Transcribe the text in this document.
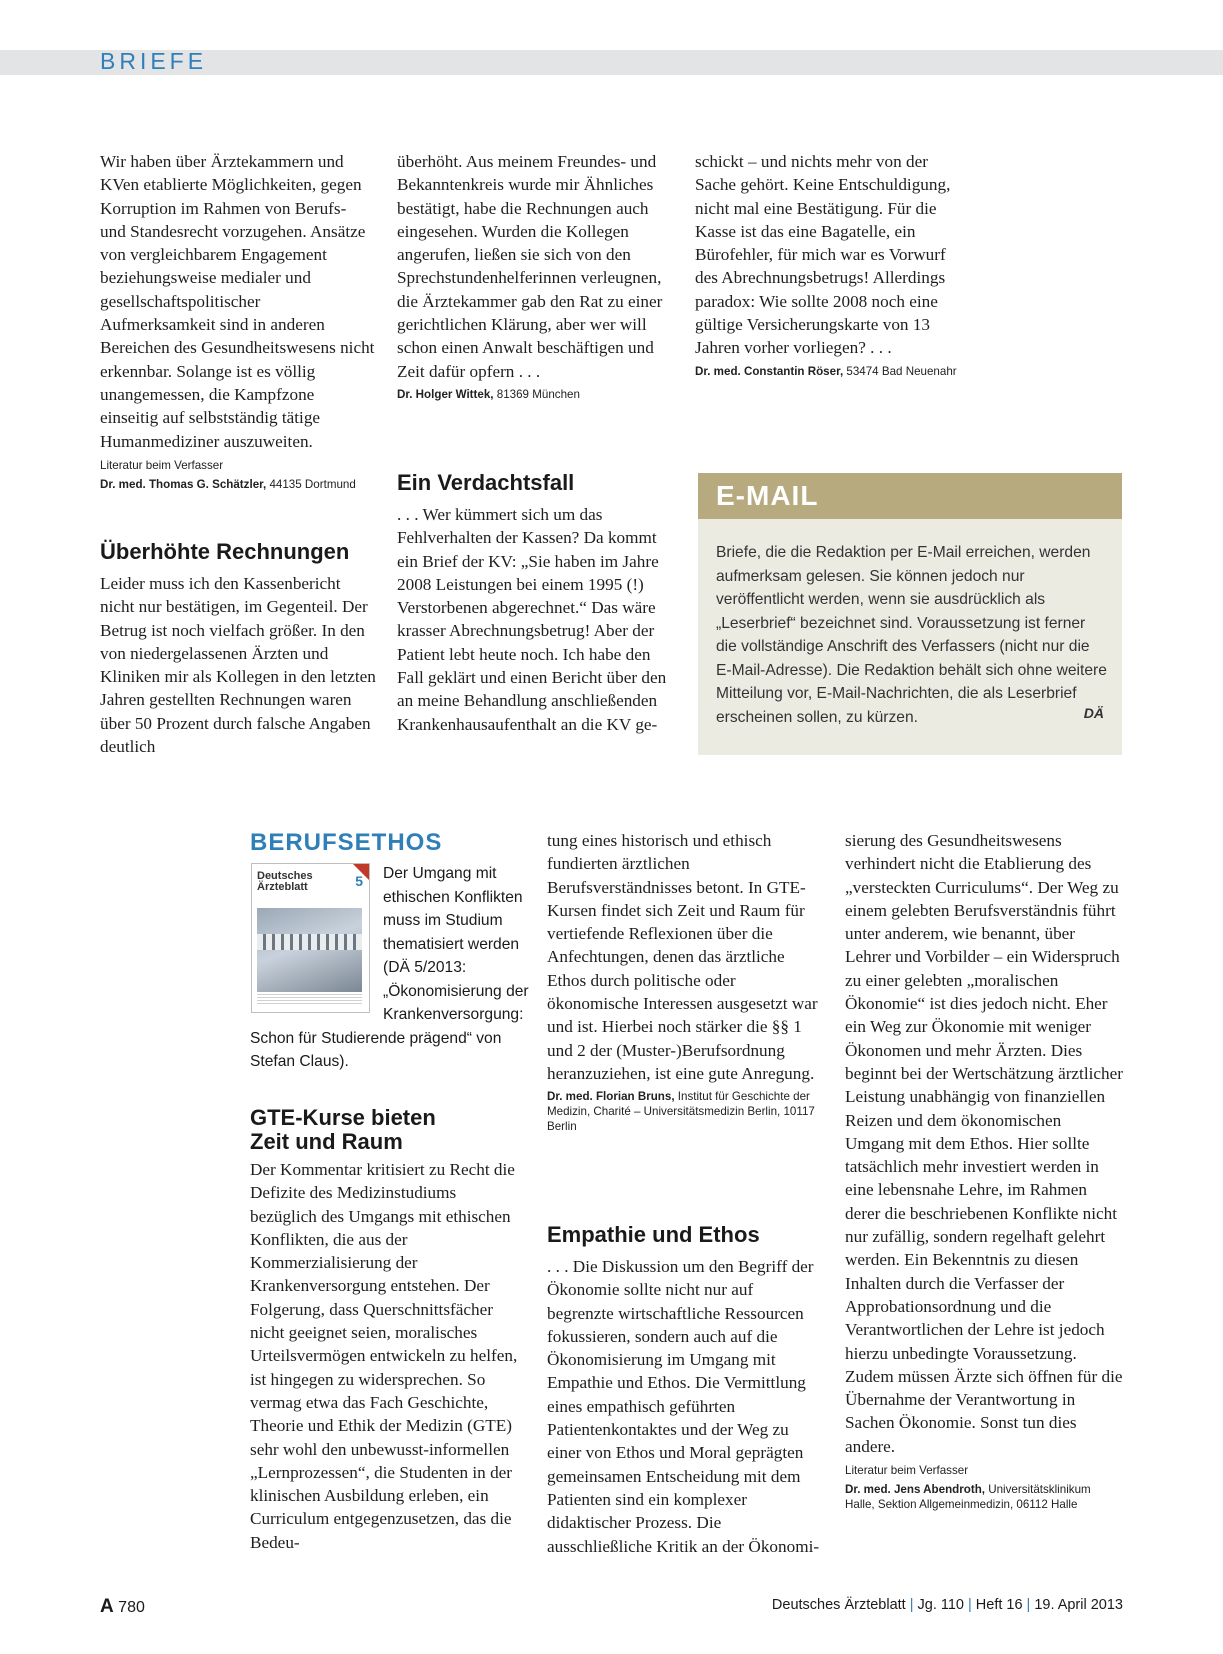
BRIEFE

Wir haben über Ärztekammern und KVen etablierte Möglichkeiten, gegen Korruption im Rahmen von Berufs- und Standesrecht vorzugehen. Ansätze von vergleichbarem Engagement beziehungsweise medialer und gesellschaftspolitischer Aufmerksamkeit sind in anderen Bereichen des Gesundheitswesens nicht erkennbar. Solange ist es völlig unangemessen, die Kampfzone einseitig auf selbstständig tätige Humanmediziner auszuweiten.

Literatur beim Verfasser

Dr. med. Thomas G. Schätzler, 44135 Dortmund

Überhöhte Rechnungen

Leider muss ich den Kassenbericht nicht nur bestätigen, im Gegenteil. Der Betrug ist noch vielfach größer. In den von niedergelassenen Ärzten und Kliniken mir als Kollegen in den letzten Jahren gestellten Rechnungen waren über 50 Prozent durch falsche Angaben deutlich

überhöht. Aus meinem Freundes- und Bekanntenkreis wurde mir Ähnliches bestätigt, habe die Rechnungen auch eingesehen. Wurden die Kollegen angerufen, ließen sie sich von den Sprechstundenhelferinnen verleugnen, die Ärztekammer gab den Rat zu einer gerichtlichen Klärung, aber wer will schon einen Anwalt beschäftigen und Zeit dafür opfern . . .

Dr. Holger Wittek, 81369 München

Ein Verdachtsfall

. . . Wer kümmert sich um das Fehlverhalten der Kassen? Da kommt ein Brief der KV: „Sie haben im Jahre 2008 Leistungen bei einem 1995 (!) Verstorbenen abgerechnet.“ Das wäre krasser Abrechnungsbetrug! Aber der Patient lebt heute noch. Ich habe den Fall geklärt und einen Bericht über den an meine Behandlung anschließenden Krankenhausaufenthalt an die KV ge-

schickt – und nichts mehr von der Sache gehört. Keine Entschuldigung, nicht mal eine Bestätigung. Für die Kasse ist das eine Bagatelle, ein Bürofehler, für mich war es Vorwurf des Abrechnungsbetrugs! Allerdings paradox: Wie sollte 2008 noch eine gültige Versicherungskarte von 13 Jahren vorher vorliegen? . . .

Dr. med. Constantin Röser, 53474 Bad Neuenahr

E-MAIL
Briefe, die die Redaktion per E-Mail erreichen, werden aufmerksam gelesen. Sie können jedoch nur veröffentlicht werden, wenn sie ausdrücklich als „Leserbrief“ bezeichnet sind. Voraussetzung ist ferner die vollständige Anschrift des Verfassers (nicht nur die E-Mail-Adresse). Die Redaktion behält sich ohne weitere Mitteilung vor, E-Mail-Nachrichten, die als Leserbrief erscheinen sollen, zu kürzen.	DÄ
BERUFSETHOS
Deutsches Ärzteblatt	5	Der Umgang mit ethischen Konflikten muss im Studium thematisiert werden (DÄ 5/2013: „Ökonomisierung der Krankenversorgung:
Schon für Studierende prägend“ von Stefan Claus).
GTE-Kurse bieten Zeit und Raum

Der Kommentar kritisiert zu Recht die Defizite des Medizinstudiums bezüglich des Umgangs mit ethischen Konflikten, die aus der Kommerzialisierung der Krankenversorgung entstehen. Der Folgerung, dass Querschnittsfächer nicht geeignet seien, moralisches Urteilsvermögen entwickeln zu helfen, ist hingegen zu widersprechen. So vermag etwa das Fach Geschichte, Theorie und Ethik der Medizin (GTE) sehr wohl den unbewusst-informellen „Lernprozessen“, die Studenten in der klinischen Ausbildung erleben, ein Curriculum entgegenzusetzen, das die Bedeu-

tung eines historisch und ethisch fundierten ärztlichen Berufsverständnisses betont. In GTE-Kursen findet sich Zeit und Raum für vertiefende Reflexionen über die Anfechtungen, denen das ärztliche Ethos durch politische oder ökonomische Interessen ausgesetzt war und ist. Hierbei noch stärker die §§ 1 und 2 der (Muster-)Berufsordnung heranzuziehen, ist eine gute Anregung.

Dr. med. Florian Bruns, Institut für Geschichte der Medizin, Charité – Universitätsmedizin Berlin, 10117 Berlin

Empathie und Ethos

. . . Die Diskussion um den Begriff der Ökonomie sollte nicht nur auf begrenzte wirtschaftliche Ressourcen fokussieren, sondern auch auf die Ökonomisierung im Umgang mit Empathie und Ethos. Die Vermittlung eines empathisch geführten Patientenkontaktes und der Weg zu einer von Ethos und Moral geprägten gemeinsamen Entscheidung mit dem Patienten sind ein komplexer didaktischer Prozess. Die ausschließliche Kritik an der Ökonomi-

sierung des Gesundheitswesens verhindert nicht die Etablierung des „versteckten Curriculums“. Der Weg zu einem gelebten Berufsverständnis führt unter anderem, wie benannt, über Lehrer und Vorbilder – ein Widerspruch zu einer gelebten „moralischen Ökonomie“ ist dies jedoch nicht. Eher ein Weg zur Ökonomie mit weniger Ökonomen und mehr Ärzten. Dies beginnt bei der Wertschätzung ärztlicher Leistung unabhängig von finanziellen Reizen und dem ökonomischen Umgang mit dem Ethos. Hier sollte tatsächlich mehr investiert werden in eine lebensnahe Lehre, im Rahmen derer die beschriebenen Konflikte nicht nur zufällig, sondern regelhaft gelehrt werden. Ein Bekenntnis zu diesen Inhalten durch die Verfasser der Approbationsordnung und die Verantwortlichen der Lehre ist jedoch hierzu unbedingte Voraussetzung. Zudem müssen Ärzte sich öffnen für die Übernahme der Verantwortung in Sachen Ökonomie. Sonst tun dies andere.

Literatur beim Verfasser

Dr. med. Jens Abendroth, Universitätsklinikum Halle, Sektion Allgemeinmedizin, 06112 Halle

A 780	Deutsches Ärzteblatt | Jg. 110 | Heft 16 | 19. April 2013
